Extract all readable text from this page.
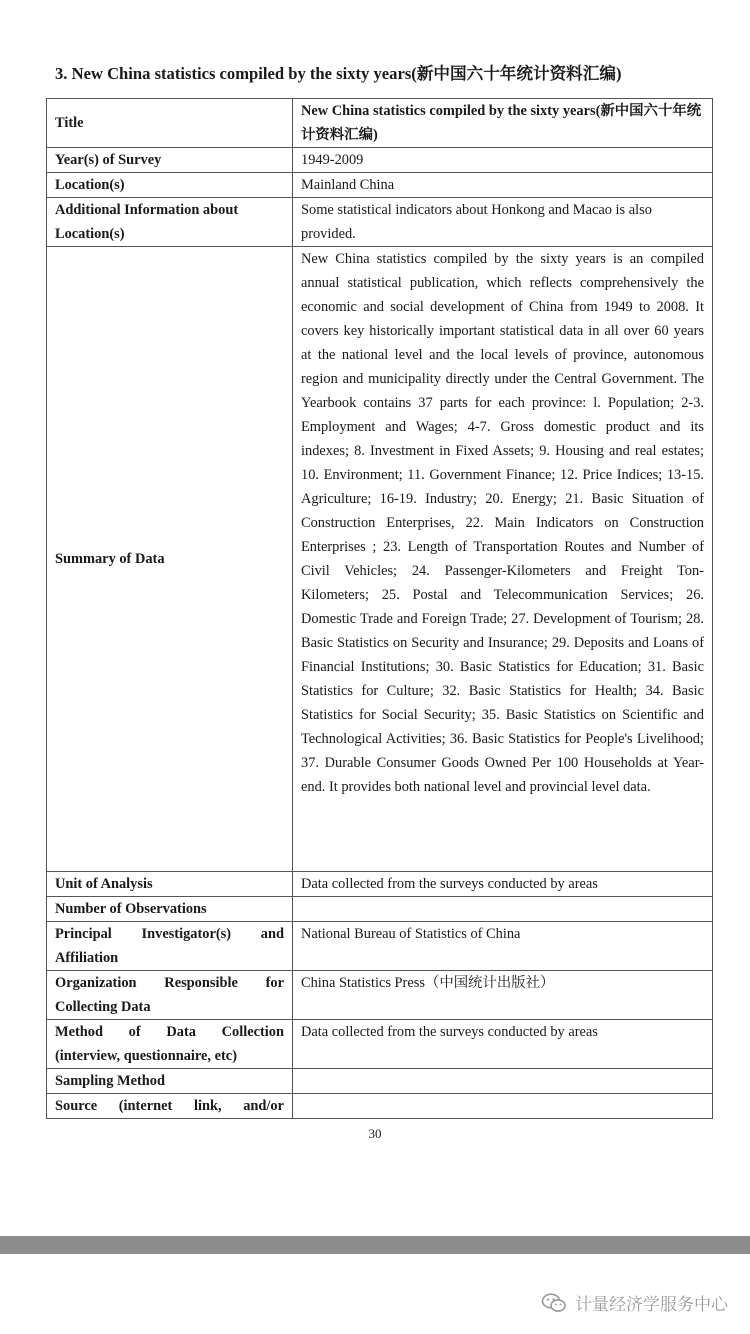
3. New China statistics compiled by the sixty years(新中国六十年统计资料汇编)
Title	New China statistics compiled by the sixty years(新中国六十年统计资料汇编)
Year(s) of Survey	1949-2009
Location(s)	Mainland China
Additional Information about Location(s)	Some statistical indicators about Honkong and Macao is also provided.
Summary of Data	New China statistics compiled by the sixty years is an compiled annual statistical publication, which reflects comprehensively the economic and social development of China from 1949 to 2008. It covers key historically important statistical data in all over 60 years at the national level and the local levels of province, autonomous region and municipality directly under the Central Government. The Yearbook contains 37 parts for each province: l. Population; 2-3. Employment and Wages; 4-7. Gross domestic product and its indexes; 8. Investment in Fixed Assets; 9. Housing and real estates; 10. Environment; 11. Government Finance; 12. Price Indices; 13-15. Agriculture; 16-19. Industry; 20. Energy; 21. Basic Situation of Construction Enterprises, 22. Main Indicators on Construction Enterprises ; 23. Length of Transportation Routes and Number of Civil Vehicles; 24. Passenger-Kilometers and Freight Ton-Kilometers; 25. Postal and Telecommunication Services; 26. Domestic Trade and Foreign Trade; 27. Development of Tourism; 28. Basic Statistics on Security and Insurance; 29. Deposits and Loans of Financial Institutions; 30. Basic Statistics for Education; 31. Basic Statistics for Culture; 32. Basic Statistics for Health; 34. Basic Statistics for Social Security; 35. Basic Statistics on Scientific and Technological Activities; 36. Basic Statistics for People's Livelihood; 37. Durable Consumer Goods Owned Per 100 Households at Year-end. It provides both national level and provincial level data.
Unit of Analysis	Data collected from the surveys conducted by areas
Number of Observations	
Principal Investigator(s) and Affiliation	National Bureau of Statistics of China
Organization Responsible for Collecting Data	China Statistics Press（中国统计出版社）
Method of Data Collection (interview, questionnaire, etc)	Data collected from the surveys conducted by areas
Sampling Method	
Source (internet link, and/or	
30
计量经济学服务中心
